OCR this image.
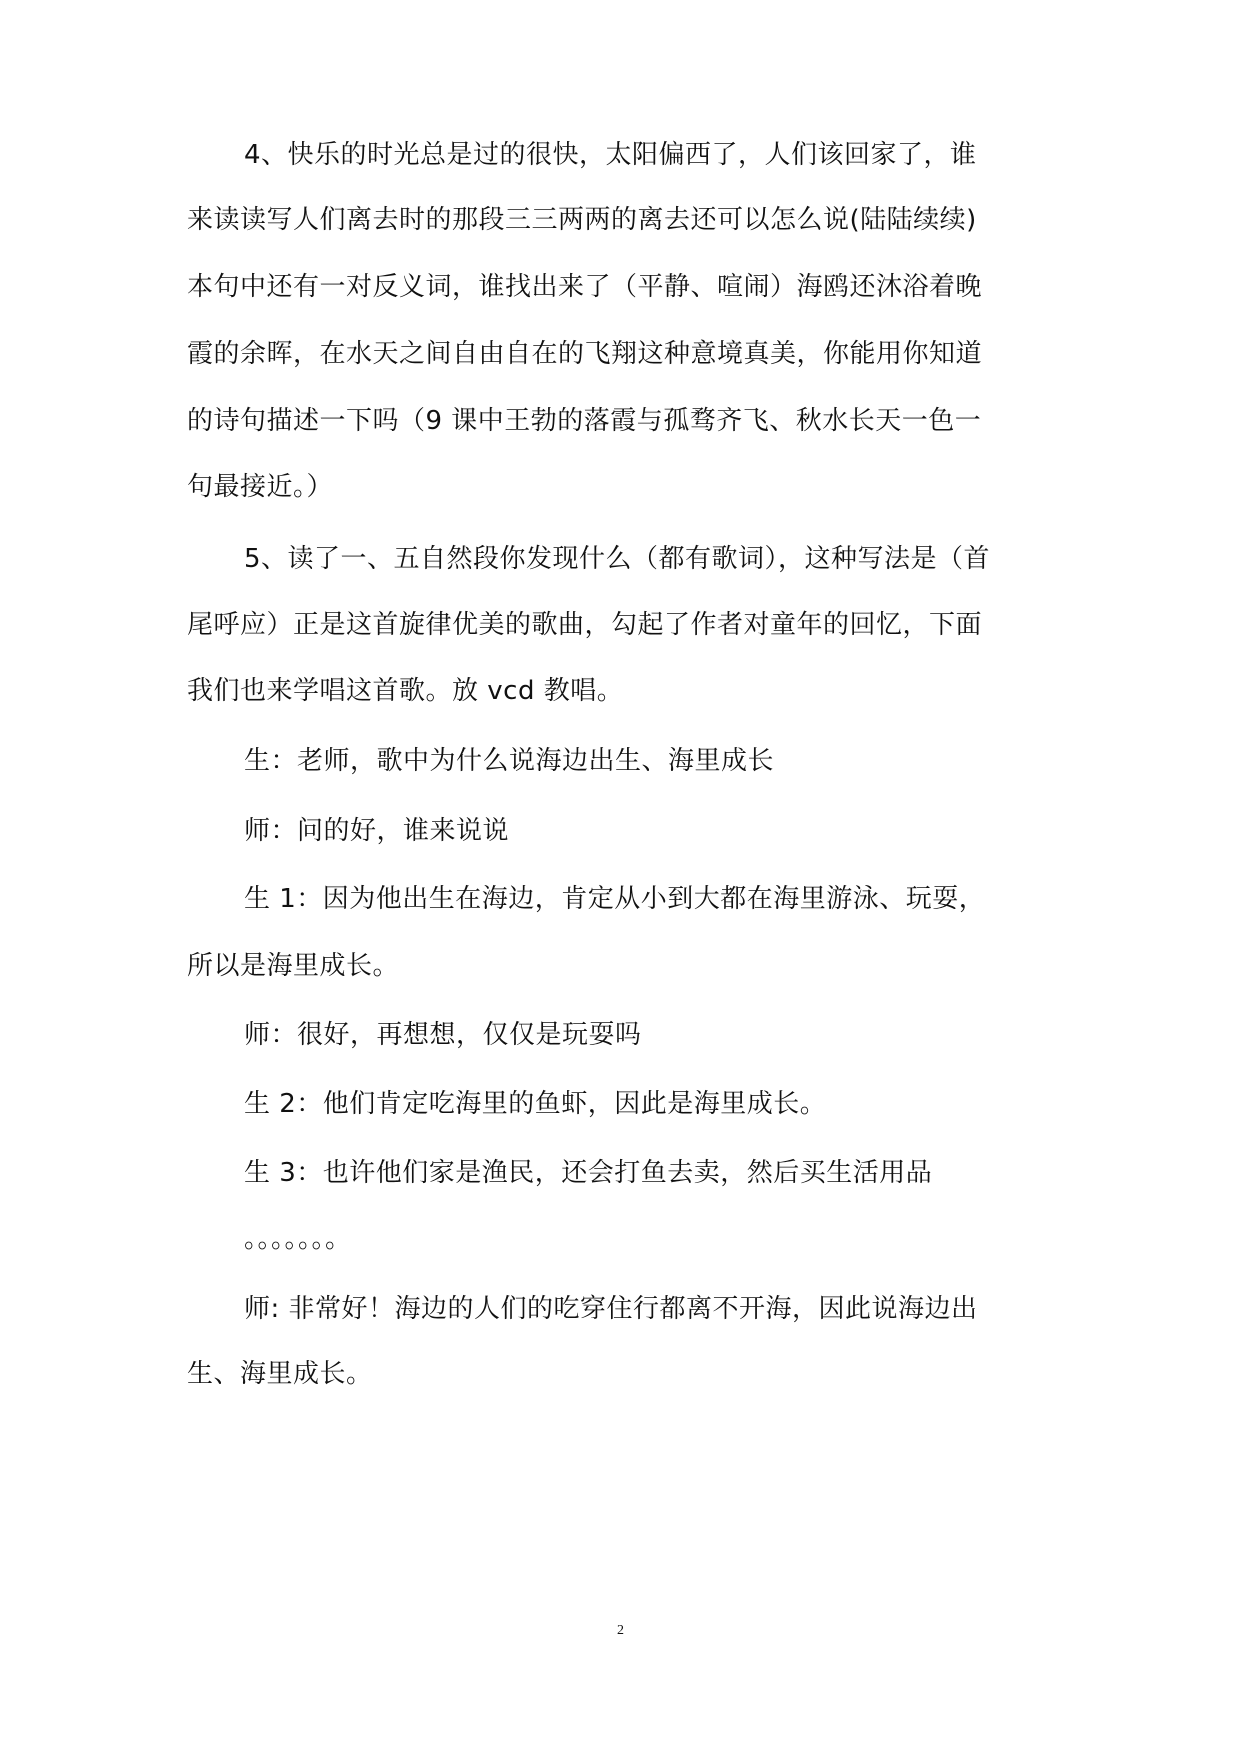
4、快乐的时光总是过的很快，太阳偏西了，人们该回家了，谁
来读读写人们离去时的那段三三两两的离去还可以怎么说(陆陆续续)
本句中还有一对反义词，谁找出来了（平静、喧闹）海鸥还沐浴着晚
霞的余晖，在水天之间自由自在的飞翔这种意境真美，你能用你知道
的诗句描述一下吗（9 课中王勃的落霞与孤骛齐飞、秋水长天一色一
句最接近。）
5、读了一、五自然段你发现什么（都有歌词），这种写法是（首
尾呼应）正是这首旋律优美的歌曲，勾起了作者对童年的回忆，下面
我们也来学唱这首歌。放 vcd 教唱。
生：老师，歌中为什么说海边出生、海里成长
师：问的好，谁来说说
生 1：因为他出生在海边，肯定从小到大都在海里游泳、玩耍，
所以是海里成长。
师：很好，再想想，仅仅是玩耍吗
生 2：他们肯定吃海里的鱼虾，因此是海里成长。
生 3：也许他们家是渔民，还会打鱼去卖，然后买生活用品
。。。。。。。
师: 非常好！海边的人们的吃穿住行都离不开海，因此说海边出
生、海里成长。
2
